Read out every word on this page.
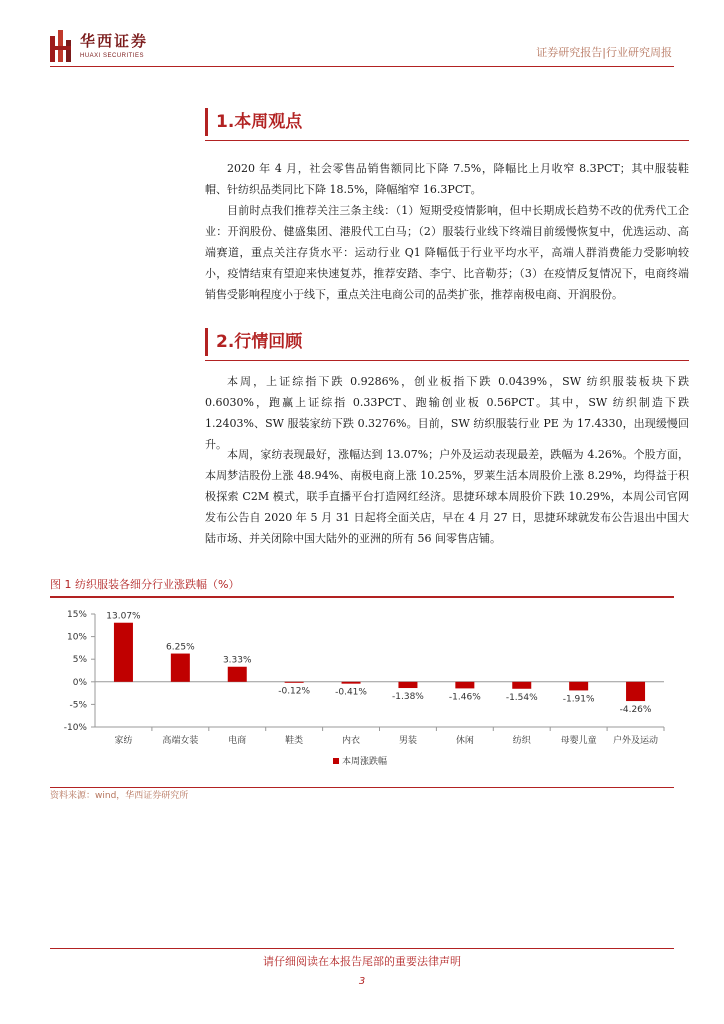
华西证券
HUAXI SECURITIES	证券研究报告|行业研究周报
1.本周观点

2020 年 4 月，社会零售品销售额同比下降 7.5%，降幅比上月收窄 8.3PCT；其中服装鞋帽、针纺织品类同比下降 18.5%，降幅缩窄 16.3PCT。

目前时点我们推荐关注三条主线：（1）短期受疫情影响，但中长期成长趋势不改的优秀代工企业：开润股份、健盛集团、港股代工白马；（2）服装行业线下终端目前缓慢恢复中，优选运动、高端赛道，重点关注存货水平：运动行业 Q1 降幅低于行业平均水平，高端人群消费能力受影响较小，疫情结束有望迎来快速复苏，推荐安踏、李宁、比音勒芬；（3）在疫情反复情况下，电商终端销售受影响程度小于线下，重点关注电商公司的品类扩张，推荐南极电商、开润股份。

2.行情回顾

本周，上证综指下跌 0.9286%，创业板指下跌 0.0439%，SW 纺织服装板块下跌 0.6030%，跑赢上证综指 0.33PCT、跑输创业板 0.56PCT。其中，SW 纺织制造下跌 1.2403%、SW 服装家纺下跌 0.3276%。目前，SW 纺织服装行业 PE 为 17.4330，出现缓慢回升。

本周，家纺表现最好，涨幅达到 13.07%；户外及运动表现最差，跌幅为 4.26%。个股方面，本周梦洁股份上涨 48.94%、南极电商上涨 10.25%，罗莱生活本周股价上涨 8.29%，均得益于积极探索 C2M 模式，联手直播平台打造网红经济。思捷环球本周股价下跌 10.29%，本周公司官网发布公告自 2020 年 5 月 31 日起将全面关店，早在 4 月 27 日，思捷环球就发布公告退出中国大陆市场、并关闭除中国大陆外的亚洲的所有 56 间零售店铺。

图 1 纺织服装各细分行业涨跌幅（%）
15%
10%
5%
0%
-5%
-10%
13.07%
家纺
6.25%
高端女装
3.33%
电商
-0.12%
鞋类
-0.41%
内衣
-1.38%
男装
-1.46%
休闲
-1.54%
纺织
-1.91%
母婴儿童
-4.26%
户外及运动
本周涨跌幅
资料来源：wind，华西证券研究所
请仔细阅读在本报告尾部的重要法律声明
3
